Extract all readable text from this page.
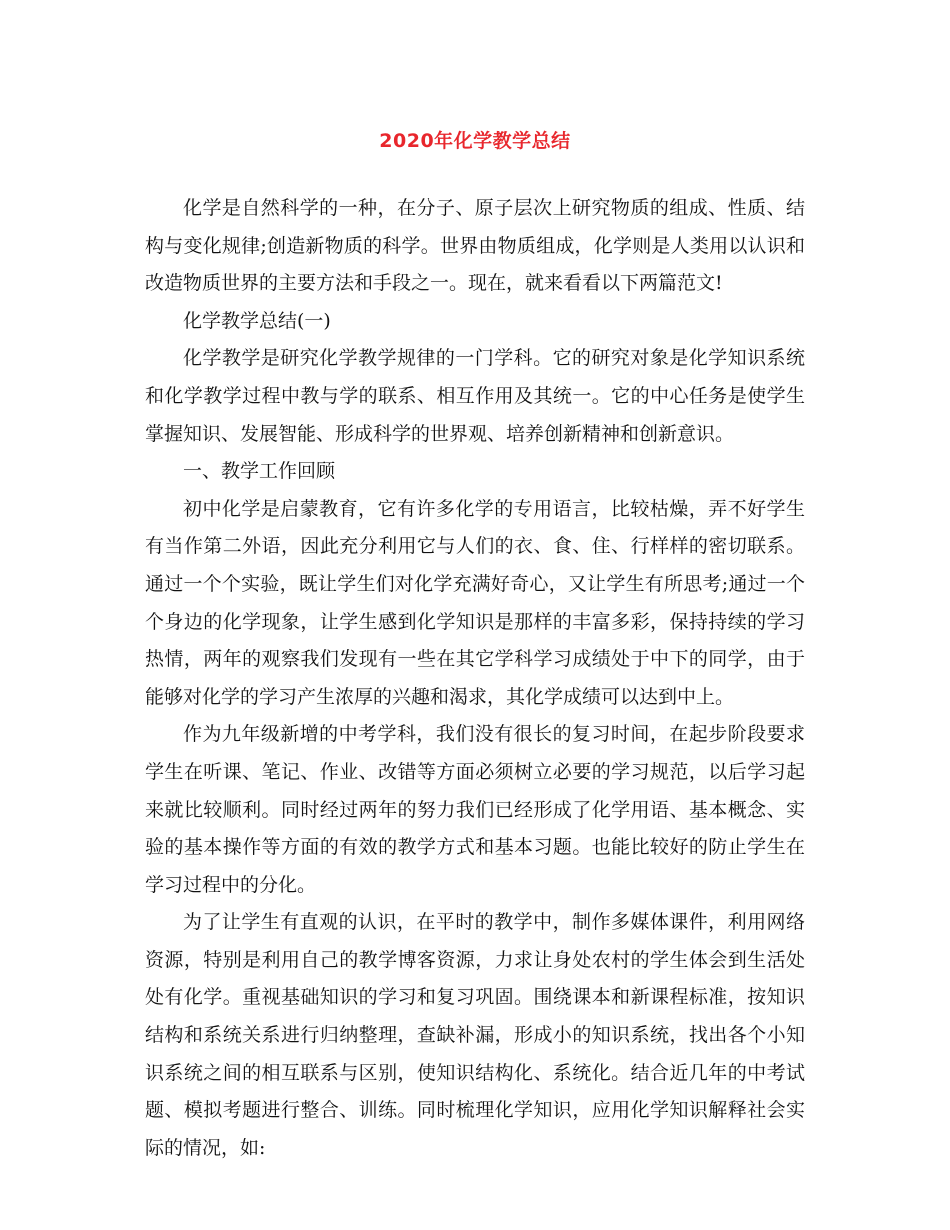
2020年化学教学总结

化学是自然科学的一种，在分子、原子层次上研究物质的组成、性质、结构与变化规律;创造新物质的科学。世界由物质组成，化学则是人类用以认识和改造物质世界的主要方法和手段之一。现在，就来看看以下两篇范文!

化学教学总结(一)

化学教学是研究化学教学规律的一门学科。它的研究对象是化学知识系统和化学教学过程中教与学的联系、相互作用及其统一。它的中心任务是使学生掌握知识、发展智能、形成科学的世界观、培养创新精神和创新意识。

一、教学工作回顾

初中化学是启蒙教育，它有许多化学的专用语言，比较枯燥，弄不好学生有当作第二外语，因此充分利用它与人们的衣、食、住、行样样的密切联系。通过一个个实验，既让学生们对化学充满好奇心，又让学生有所思考;通过一个个身边的化学现象，让学生感到化学知识是那样的丰富多彩，保持持续的学习热情，两年的观察我们发现有一些在其它学科学习成绩处于中下的同学，由于能够对化学的学习产生浓厚的兴趣和渴求，其化学成绩可以达到中上。

作为九年级新增的中考学科，我们没有很长的复习时间，在起步阶段要求学生在听课、笔记、作业、改错等方面必须树立必要的学习规范，以后学习起来就比较顺利。同时经过两年的努力我们已经形成了化学用语、基本概念、实验的基本操作等方面的有效的教学方式和基本习题。也能比较好的防止学生在学习过程中的分化。

为了让学生有直观的认识，在平时的教学中，制作多媒体课件，利用网络资源，特别是利用自己的教学博客资源，力求让身处农村的学生体会到生活处处有化学。重视基础知识的学习和复习巩固。围绕课本和新课程标准，按知识结构和系统关系进行归纳整理，查缺补漏，形成小的知识系统，找出各个小知识系统之间的相互联系与区别，使知识结构化、系统化。结合近几年的中考试题、模拟考题进行整合、训练。同时梳理化学知识，应用化学知识解释社会实际的情况，如:
